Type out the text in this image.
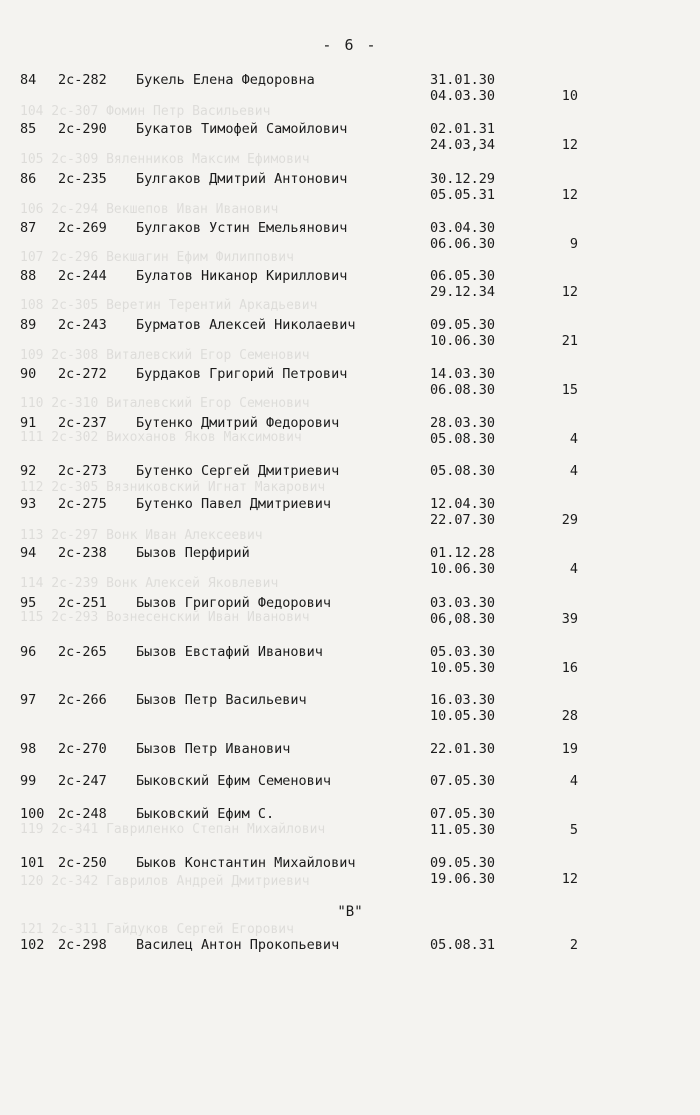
104 2с-307 Фомин Петр Васильевич
105 2с-309 Вяленников Максим Ефимович
106 2с-294 Векшепов Иван Иванович
107 2с-296 Векшагин Ефим Филиппович
108 2с-305 Веретин Терентий Аркадьевич
109 2с-308 Виталевский Егор Семенович
110 2с-310 Виталевский Егор Семенович
111 2с-302 Вихоханов Яков Максимович
112 2с-305 Вязниковский Игнат Макарович
113 2с-297 Вонк Иван Алексеевич
114 2с-239 Вонк Алексей Яковлевич
115 2с-293 Вознесенский Иван Иванович
119 2с-341 Гавриленко Степан Михайлович
120 2с-342 Гаврилов Андрей Дмитриевич
121 2с-311 Гайдуков Сергей Егорович
- 6 -
84 2с-282 Букель Елена Федоровна	31.01.30
04.03.30	10
85 2с-290 Букатов Тимофей Самойлович	02.01.31
24.03,34	12
86 2с-235 Булгаков Дмитрий Антонович	30.12.29
05.05.31	12
87 2с-269 Булгаков Устин Емельянович	03.04.30
06.06.30	9
88 2с-244 Булатов Никанор Кириллович	06.05.30
29.12.34	12
89 2с-243 Бурматов Алексей Николаевич	09.05.30
10.06.30	21
90 2с-272 Бурдаков Григорий Петрович	14.03.30
06.08.30	15
91 2с-237 Бутенко Дмитрий Федорович	28.03.30
05.08.30	4
92 2с-273 Бутенко Сергей Дмитриевич	05.08.30	4
93 2с-275 Бутенко Павел Дмитриевич	12.04.30
22.07.30	29
94 2с-238 Бызов Перфирий	01.12.28
10.06.30	4
95 2с-251 Бызов Григорий Федорович	03.03.30
06,08.30	39
96 2с-265 Бызов Евстафий Иванович	05.03.30
10.05.30	16
97 2с-266 Бызов Петр Васильевич	16.03.30
10.05.30	28
98 2с-270 Бызов Петр Иванович	22.01.30	19
99 2с-247 Быковский Ефим Семенович	07.05.30	4
100 2с-248 Быковский Ефим С.	07.05.30
11.05.30	5
101 2с-250 Быков Константин Михайлович	09.05.30
19.06.30	12
102 2с-298 Василец Антон Прокопьевич	05.08.31	2
"В"
